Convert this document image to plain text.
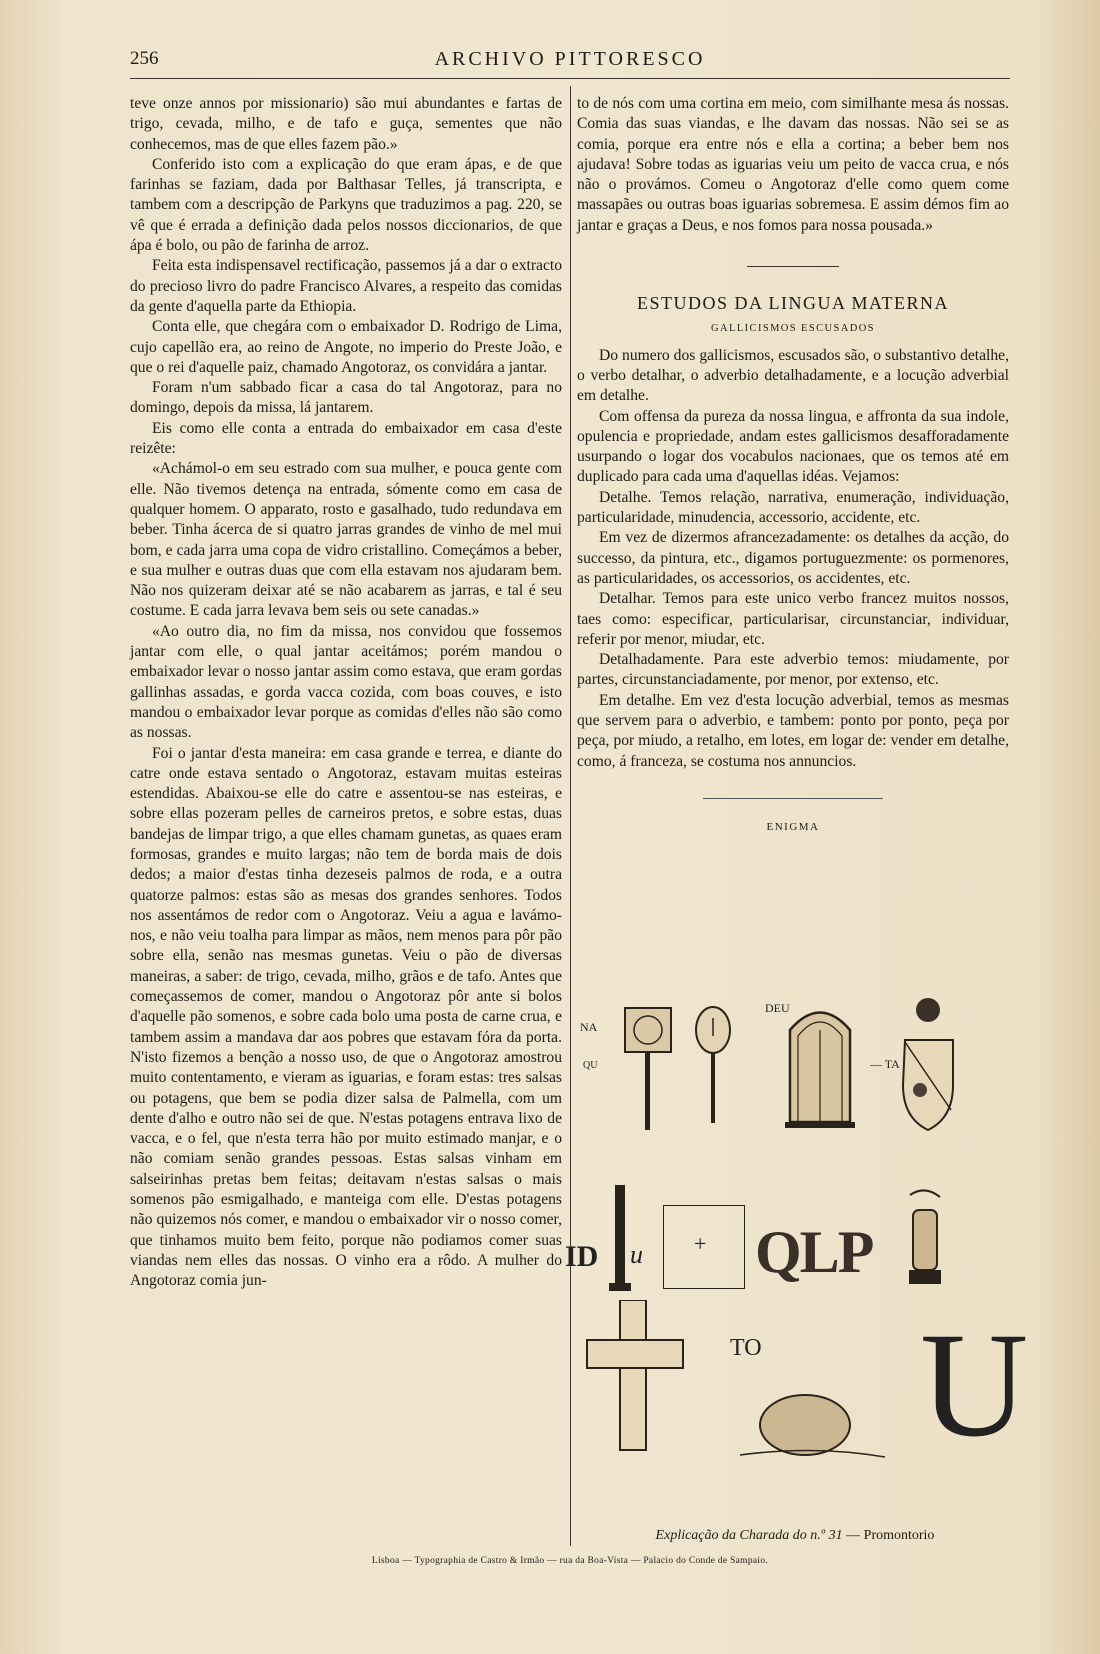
256	ARCHIVO PITTORESCO

teve onze annos por missionario) são mui abundantes e fartas de trigo, cevada, milho, e de tafo e guça, sementes que não conhecemos, mas de que elles fazem pão.»

Conferido isto com a explicação do que eram ápas, e de que farinhas se faziam, dada por Balthasar Telles, já transcripta, e tambem com a descripção de Parkyns que traduzimos a pag. 220, se vê que é errada a definição dada pelos nossos diccionarios, de que ápa é bolo, ou pão de farinha de arroz.

Feita esta indispensavel rectificação, passemos já a dar o extracto do precioso livro do padre Francisco Alvares, a respeito das comidas da gente d'aquella parte da Ethiopia.

Conta elle, que chegára com o embaixador D. Rodrigo de Lima, cujo capellão era, ao reino de Angote, no imperio do Preste João, e que o rei d'aquelle paiz, chamado Angotoraz, os convidára a jantar.

Foram n'um sabbado ficar a casa do tal Angotoraz, para no domingo, depois da missa, lá jantarem.

Eis como elle conta a entrada do embaixador em casa d'este reizête:

«Achámol-o em seu estrado com sua mulher, e pouca gente com elle. Não tivemos detença na entrada, sómente como em casa de qualquer homem. O apparato, rosto e gasalhado, tudo redundava em beber. Tinha ácerca de si quatro jarras grandes de vinho de mel mui bom, e cada jarra uma copa de vidro cristallino. Começámos a beber, e sua mulher e outras duas que com ella estavam nos ajudaram bem. Não nos quizeram deixar até se não acabarem as jarras, e tal é seu costume. E cada jarra levava bem seis ou sete canadas.»

«Ao outro dia, no fim da missa, nos convidou que fossemos jantar com elle, o qual jantar aceitámos; porém mandou o embaixador levar o nosso jantar assim como estava, que eram gordas gallinhas assadas, e gorda vacca cozida, com boas couves, e isto mandou o embaixador levar porque as comidas d'elles não são como as nossas.

Foi o jantar d'esta maneira: em casa grande e terrea, e diante do catre onde estava sentado o Angotoraz, estavam muitas esteiras estendidas. Abaixou-se elle do catre e assentou-se nas esteiras, e sobre ellas pozeram pelles de carneiros pretos, e sobre estas, duas bandejas de limpar trigo, a que elles chamam gunetas, as quaes eram formosas, grandes e muito largas; não tem de borda mais de dois dedos; a maior d'estas tinha dezeseis palmos de roda, e a outra quatorze palmos: estas são as mesas dos grandes senhores. Todos nos assentámos de redor com o Angotoraz. Veiu a agua e lavámo-nos, e não veiu toalha para limpar as mãos, nem menos para pôr pão sobre ella, senão nas mesmas gunetas. Veiu o pão de diversas maneiras, a saber: de trigo, cevada, milho, grãos e de tafo. Antes que começassemos de comer, mandou o Angotoraz pôr ante si bolos d'aquelle pão somenos, e sobre cada bolo uma posta de carne crua, e tambem assim a mandava dar aos pobres que estavam fóra da porta. N'isto fizemos a benção a nosso uso, de que o Angotoraz amostrou muito contentamento, e vieram as iguarias, e foram estas: tres salsas ou potagens, que bem se podia dizer salsa de Palmella, com um dente d'alho e outro não sei de que. N'estas potagens entrava lixo de vacca, e o fel, que n'esta terra hão por muito estimado manjar, e o não comiam senão grandes pessoas. Estas salsas vinham em salseirinhas pretas bem feitas; deitavam n'estas salsas o mais somenos pão esmigalhado, e manteiga com elle. D'estas potagens não quizemos nós comer, e mandou o embaixador vir o nosso comer, que tinhamos muito bem feito, porque não podiamos comer suas viandas nem elles das nossas. O vinho era a rôdo. A mulher do Angotoraz comia jun-

to de nós com uma cortina em meio, com similhante mesa ás nossas. Comia das suas viandas, e lhe davam das nossas. Não sei se as comia, porque era entre nós e ella a cortina; a beber bem nos ajudava! Sobre todas as iguarias veiu um peito de vacca crua, e nós não o provámos. Comeu o Angotoraz d'elle como quem come massapães ou outras boas iguarias sobremesa. E assim démos fim ao jantar e graças a Deus, e nos fomos para nossa pousada.»

ESTUDOS DA LINGUA MATERNA
GALLICISMOS ESCUSADOS

Do numero dos gallicismos, escusados são, o substantivo detalhe, o verbo detalhar, o adverbio detalhadamente, e a locução adverbial em detalhe.

Com offensa da pureza da nossa lingua, e affronta da sua indole, opulencia e propriedade, andam estes gallicismos desafforadamente usurpando o logar dos vocabulos nacionaes, que os temos até em duplicado para cada uma d'aquellas idéas. Vejamos:

Detalhe. Temos relação, narrativa, enumeração, individuação, particularidade, minudencia, accessorio, accidente, etc.

Em vez de dizermos afrancezadamente: os detalhes da acção, do successo, da pintura, etc., digamos portuguezmente: os pormenores, as particularidades, os accessorios, os accidentes, etc.

Detalhar. Temos para este unico verbo francez muitos nossos, taes como: especificar, particularisar, circunstanciar, individuar, referir por menor, miudar, etc.

Detalhadamente. Para este adverbio temos: miudamente, por partes, circunstanciadamente, por menor, por extenso, etc.

Em detalhe. Em vez d'esta locução adverbial, temos as mesmas que servem para o adverbio, e tambem: ponto por ponto, peça por peça, por miudo, a retalho, em lotes, em logar de: vender em detalhe, como, á franceza, se costuma nos annuncios.

ENIGMA
NA
QU
DEU
— TA
ID u + QLP
TO U
Explicação da Charada do n.º 31 — Promontorio
Lisboa — Typographia de Castro & Irmão — rua da Boa-Vista — Palacio do Conde de Sampaio.
